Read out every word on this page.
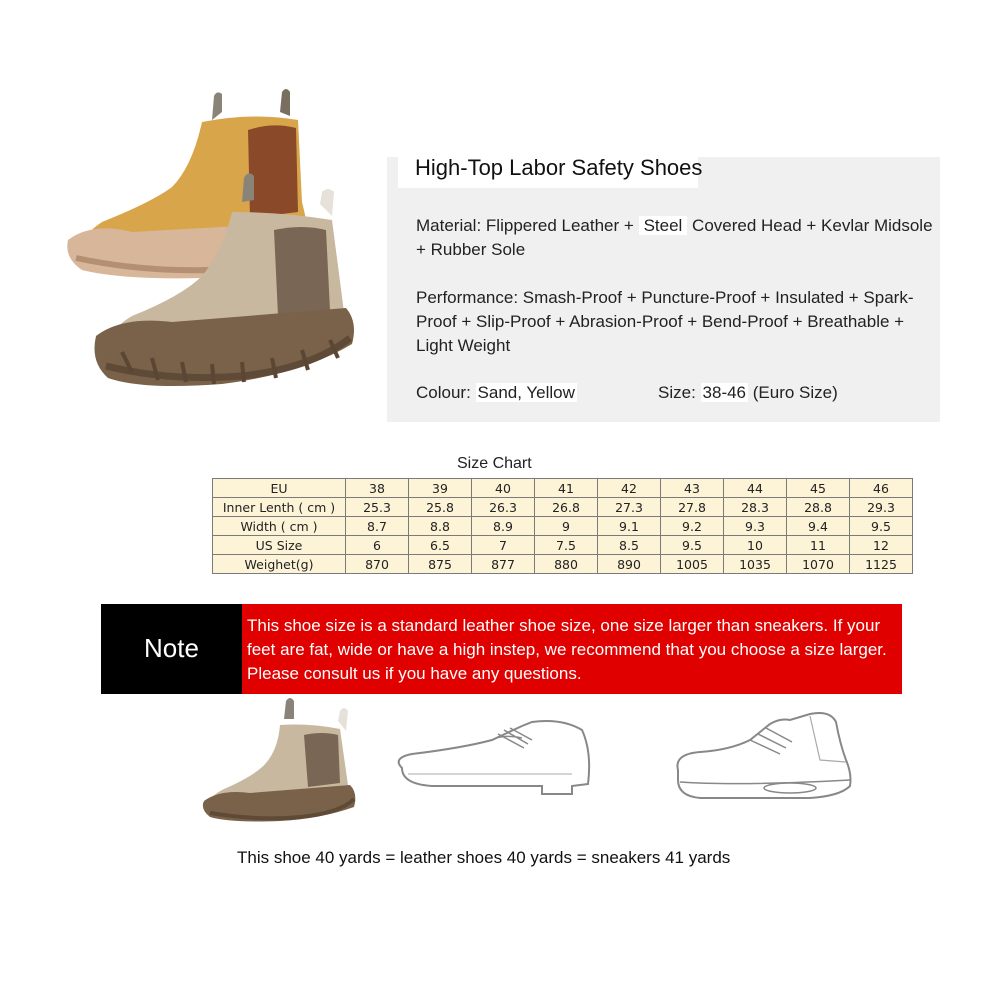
High-Top Labor Safety Shoes
Material: Flippered Leather + Steel Covered Head + Kevlar Midsole + Rubber Sole
Performance: Smash-Proof + Puncture-Proof + Insulated + Spark-Proof + Slip-Proof + Abrasion-Proof + Bend-Proof + Breathable + Light Weight
Colour: Sand, Yellow	Size: 38-46 (Euro Size)
Size Chart
EU	38	39	40	41	42	43	44	45	46
Inner Lenth ( cm )	25.3	25.8	26.3	26.8	27.3	27.8	28.3	28.8	29.3
Width ( cm )	8.7	8.8	8.9	9	9.1	9.2	9.3	9.4	9.5
US Size	6	6.5	7	7.5	8.5	9.5	10	11	12
Weighet(g)	870	875	877	880	890	1005	1035	1070	1125
Note
This shoe size is a standard leather shoe size, one size larger than sneakers. If your feet are fat, wide or have a high instep, we recommend that you choose a size larger. Please consult us if you have any questions.
This shoe 40 yards = leather shoes 40 yards = sneakers 41 yards
